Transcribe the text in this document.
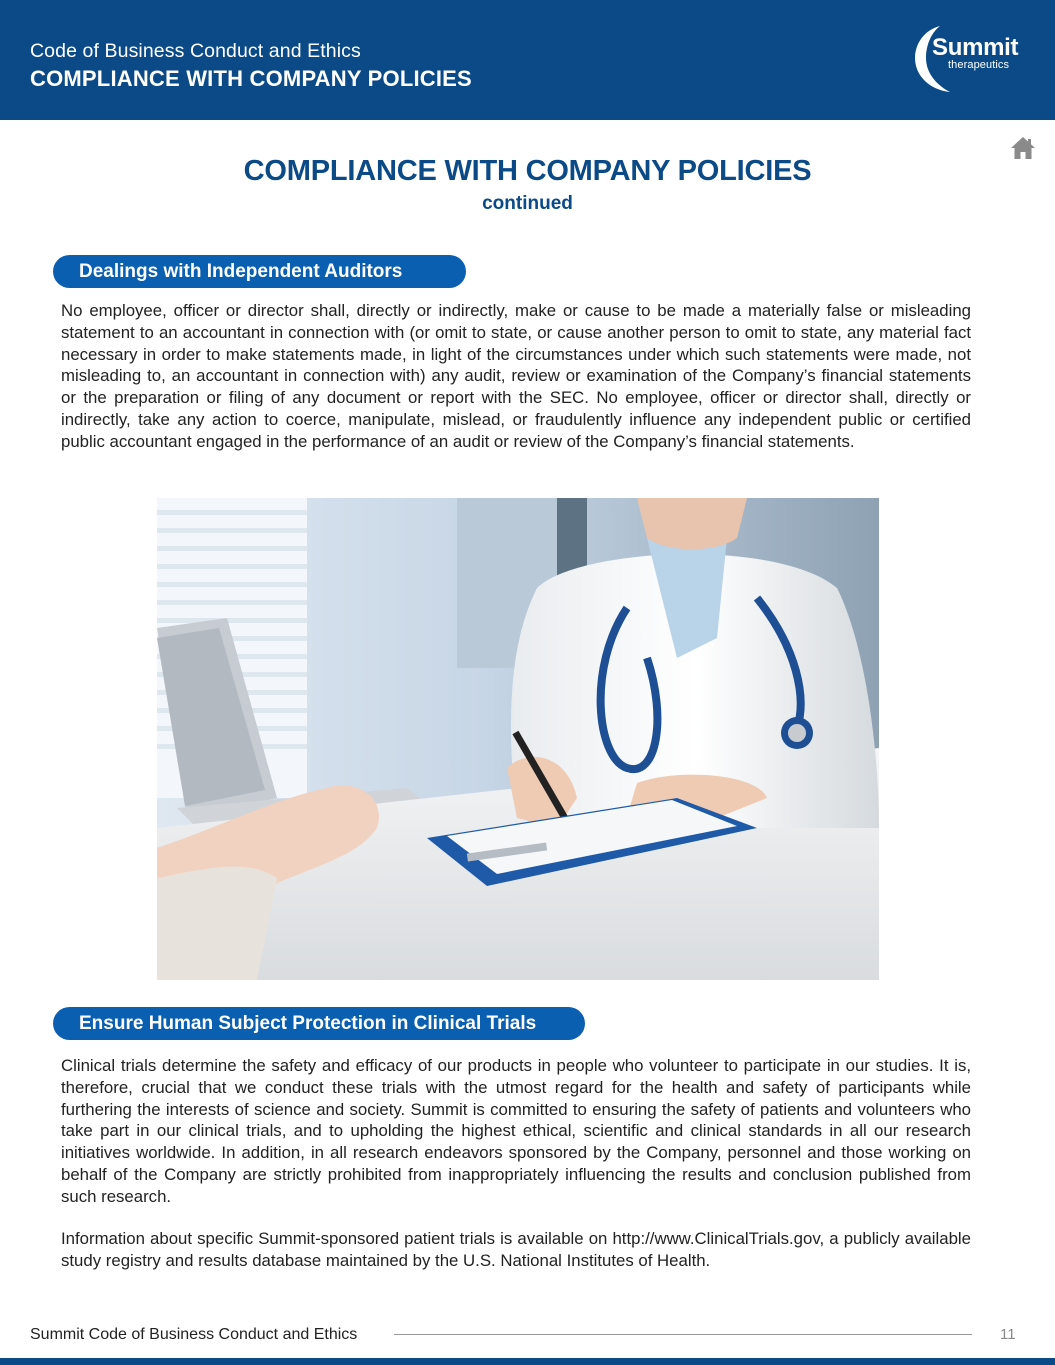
Code of Business Conduct and Ethics
COMPLIANCE WITH COMPANY POLICIES
Summit
therapeutics
COMPLIANCE WITH COMPANY POLICIES
continued
Dealings with Independent Auditors

No employee, officer or director shall, directly or indirectly, make or cause to be made a materially false or misleading statement to an accountant in connection with (or omit to state, or cause another person to omit to state, any material fact necessary in order to make statements made, in light of the circumstances under which such statements were made, not misleading to, an accountant in connection with) any audit, review or examination of the Company’s financial statements or the preparation or filing of any document or report with the SEC. No employee, officer or director shall, directly or indirectly, take any action to coerce, manipulate, mislead, or fraudulently influence any independent public or certified public accountant engaged in the performance of an audit or review of the Company’s financial statements.

Ensure Human Subject Protection in Clinical Trials

Clinical trials determine the safety and efficacy of our products in people who volunteer to participate in our studies. It is, therefore, crucial that we conduct these trials with the utmost regard for the health and safety of participants while furthering the interests of science and society. Summit is committed to ensuring the safety of patients and volunteers who take part in our clinical trials, and to upholding the highest ethical, scientific and clinical standards in all our research initiatives worldwide. In addition, in all research endeavors sponsored by the Company, personnel and those working on behalf of the Company are strictly prohibited from inappropriately influencing the results and conclusion published from such research.

Information about specific Summit-sponsored patient trials is available on http://www.ClinicalTrials.gov, a publicly available study registry and results database maintained by the U.S. National Institutes of Health.

Summit Code of Business Conduct and Ethics	11
